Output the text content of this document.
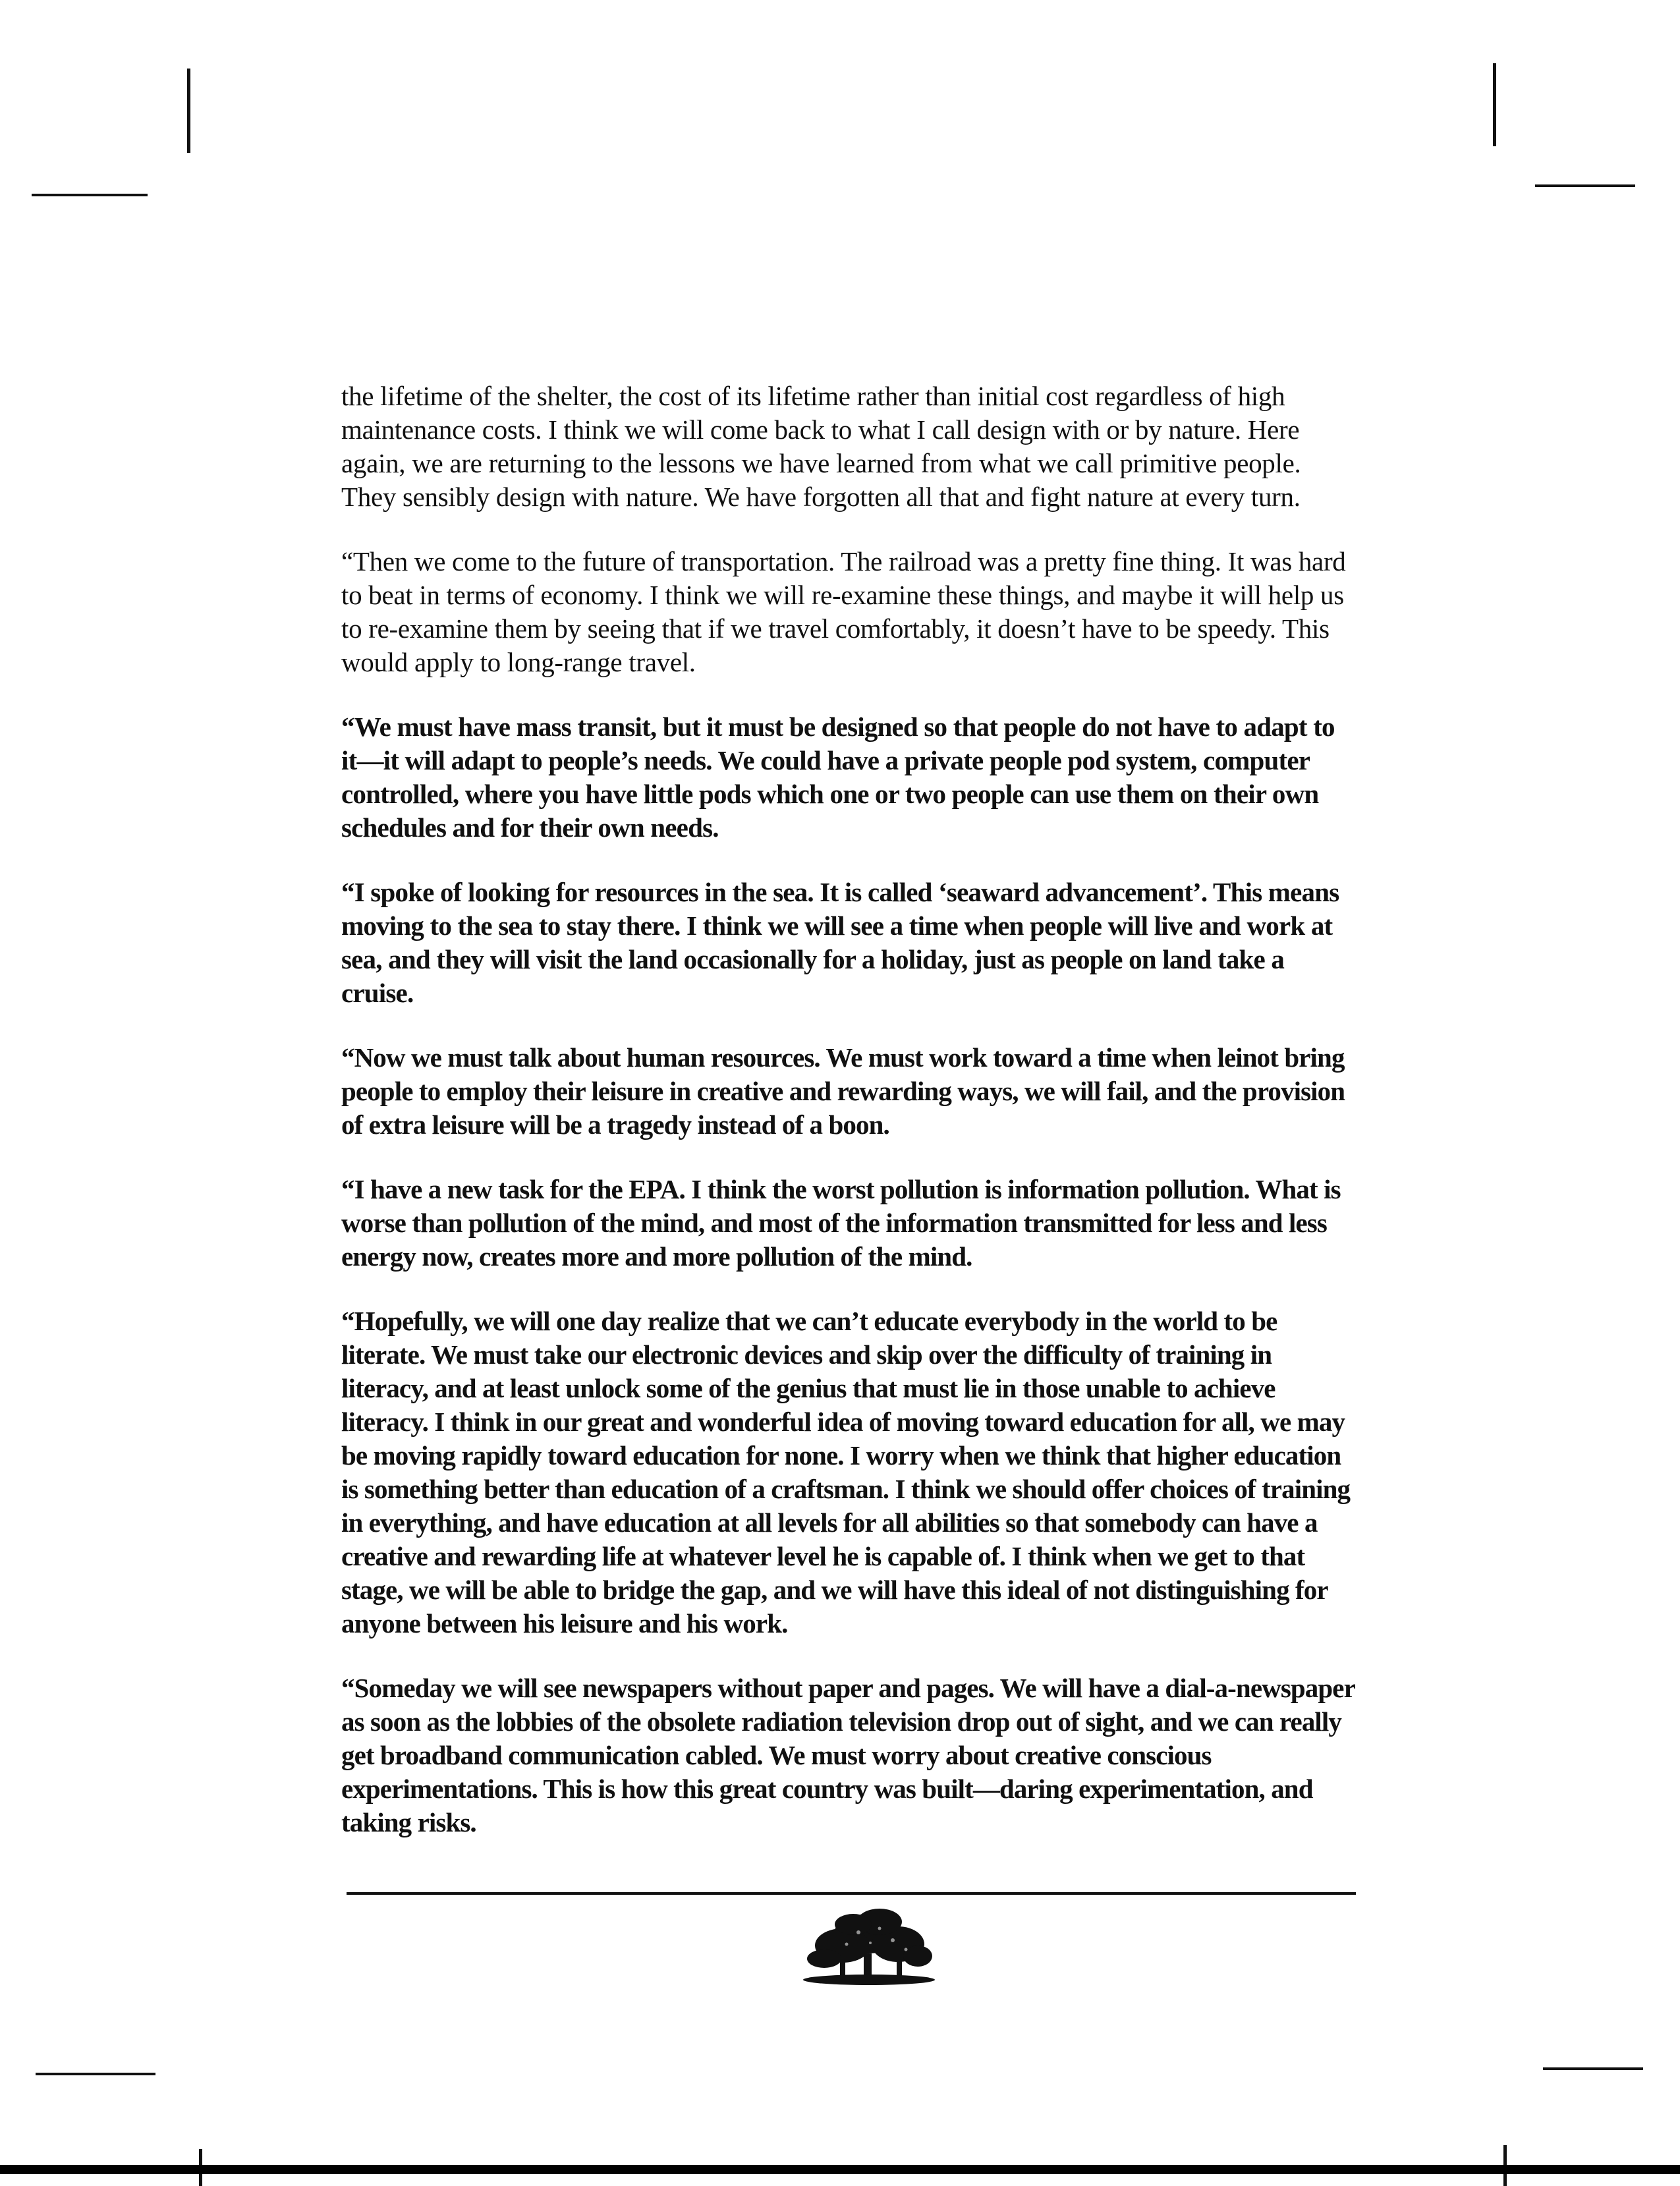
the lifetime of the shelter, the cost of its lifetime rather than initial cost regardless of high maintenance costs. I think we will come back to what I call design with or by nature. Here again, we are returning to the lessons we have learned from what we call primitive people. They sensibly design with nature. We have forgotten all that and fight nature at every turn.

“Then we come to the future of transportation. The railroad was a pretty fine thing. It was hard to beat in terms of economy. I think we will re-examine these things, and maybe it will help us to re-examine them by seeing that if we travel comfortably, it doesn’t have to be speedy. This would apply to long-range travel.

“We must have mass transit, but it must be designed so that people do not have to adapt to it—it will adapt to people’s needs. We could have a private people pod system, computer controlled, where you have little pods which one or two people can use them on their own schedules and for their own needs.

“I spoke of looking for resources in the sea. It is called ‘seaward advancement’. This means moving to the sea to stay there. I think we will see a time when people will live and work at sea, and they will visit the land occasionally for a holiday, just as people on land take a cruise.

“Now we must talk about human resources. We must work toward a time when leinot bring people to employ their leisure in creative and rewarding ways, we will fail, and the provision of extra leisure will be a tragedy instead of a boon.

“I have a new task for the EPA. I think the worst pollution is information pollution. What is worse than pollution of the mind, and most of the information transmitted for less and less energy now, creates more and more pollution of the mind.

“Hopefully, we will one day realize that we can’t educate everybody in the world to be literate. We must take our electronic devices and skip over the difficulty of training in literacy, and at least unlock some of the genius that must lie in those unable to achieve literacy. I think in our great and wonderful idea of moving toward education for all, we may be moving rapidly toward education for none. I worry when we think that higher education is something better than education of a craftsman. I think we should offer choices of training in everything, and have education at all levels for all abilities so that somebody can have a creative and rewarding life at whatever level he is capable of. I think when we get to that stage, we will be able to bridge the gap, and we will have this ideal of not distinguishing for anyone between his leisure and his work.

“Someday we will see newspapers without paper and pages. We will have a dial-a-newspaper as soon as the lobbies of the obsolete radiation television drop out of sight, and we can really get broadband communication cabled. We must worry about creative conscious experimentations. This is how this great country was built—daring experimentation, and taking risks.
